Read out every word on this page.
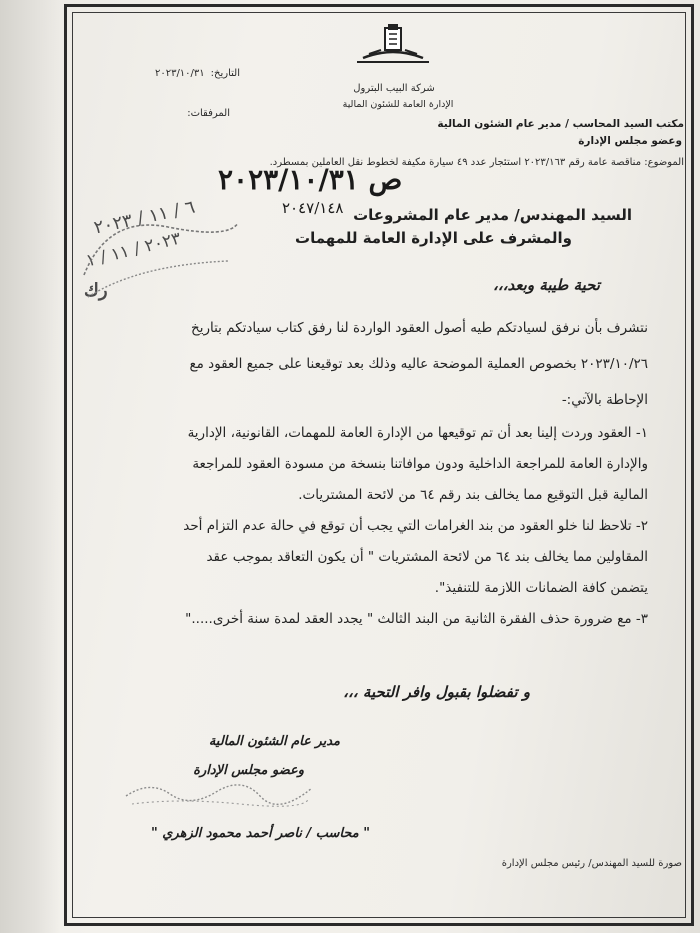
شركة البيب البترول
الإدارة العامة للشئون المالية
التاريخ:
٢٠٢٣/١٠/٣١
المرفقات:
مكتب السيد المحاسب / مدير عام الشئون المالية
وعضو مجلس الإدارة
الموضوع: مناقصة عامة رقم ٢٠٢٣/١٦٣ استئجار عدد ٤٩ سيارة مكيفة لخطوط نقل العاملين بمسطرد.
ص ٢٠٢٣/١٠/٣١
٢٠٤٧/١٤٨
٦ / ١١ / ٢٠٢٣
٢٠٢٣ / ١١ / ١
رك
السيد المهندس/ مدير عام المشروعات
والمشرف على الإدارة العامة للمهمات
تحية طيبة وبعد،،،
نتشرف بأن نرفق لسيادتكم طيه أصول العقود الواردة لنا رفق كتاب سيادتكم بتاريخ
٢٠٢٣/١٠/٢٦ بخصوص العملية الموضحة عاليه وذلك بعد توقيعنا على جميع العقود مع
الإحاطة بالآتي:-
١- العقود وردت إلينا بعد أن تم توقيعها من الإدارة العامة للمهمات، القانونية، الإدارية
والإدارة العامة للمراجعة الداخلية ودون موافاتنا بنسخة من مسودة العقود للمراجعة
المالية قبل التوقيع مما يخالف بند رقم ٦٤ من لائحة المشتريات.
٢- تلاحظ لنا خلو العقود من بند الغرامات التي يجب أن توقع في حالة عدم التزام أحد
المقاولين مما يخالف بند ٦٤ من لائحة المشتريات " أن يكون التعاقد بموجب عقد
يتضمن كافة الضمانات اللازمة للتنفيذ".
٣- مع ضرورة حذف الفقرة الثانية من البند الثالث " يجدد العقد لمدة سنة أخرى....."
و تفضلوا بقبول وافر التحية ،،،
مدير عام الشئون المالية
وعضو مجلس الإدارة
" محاسب / ناصر أحمد محمود الزهري "
صورة للسيد المهندس/ رئيس مجلس الإدارة
